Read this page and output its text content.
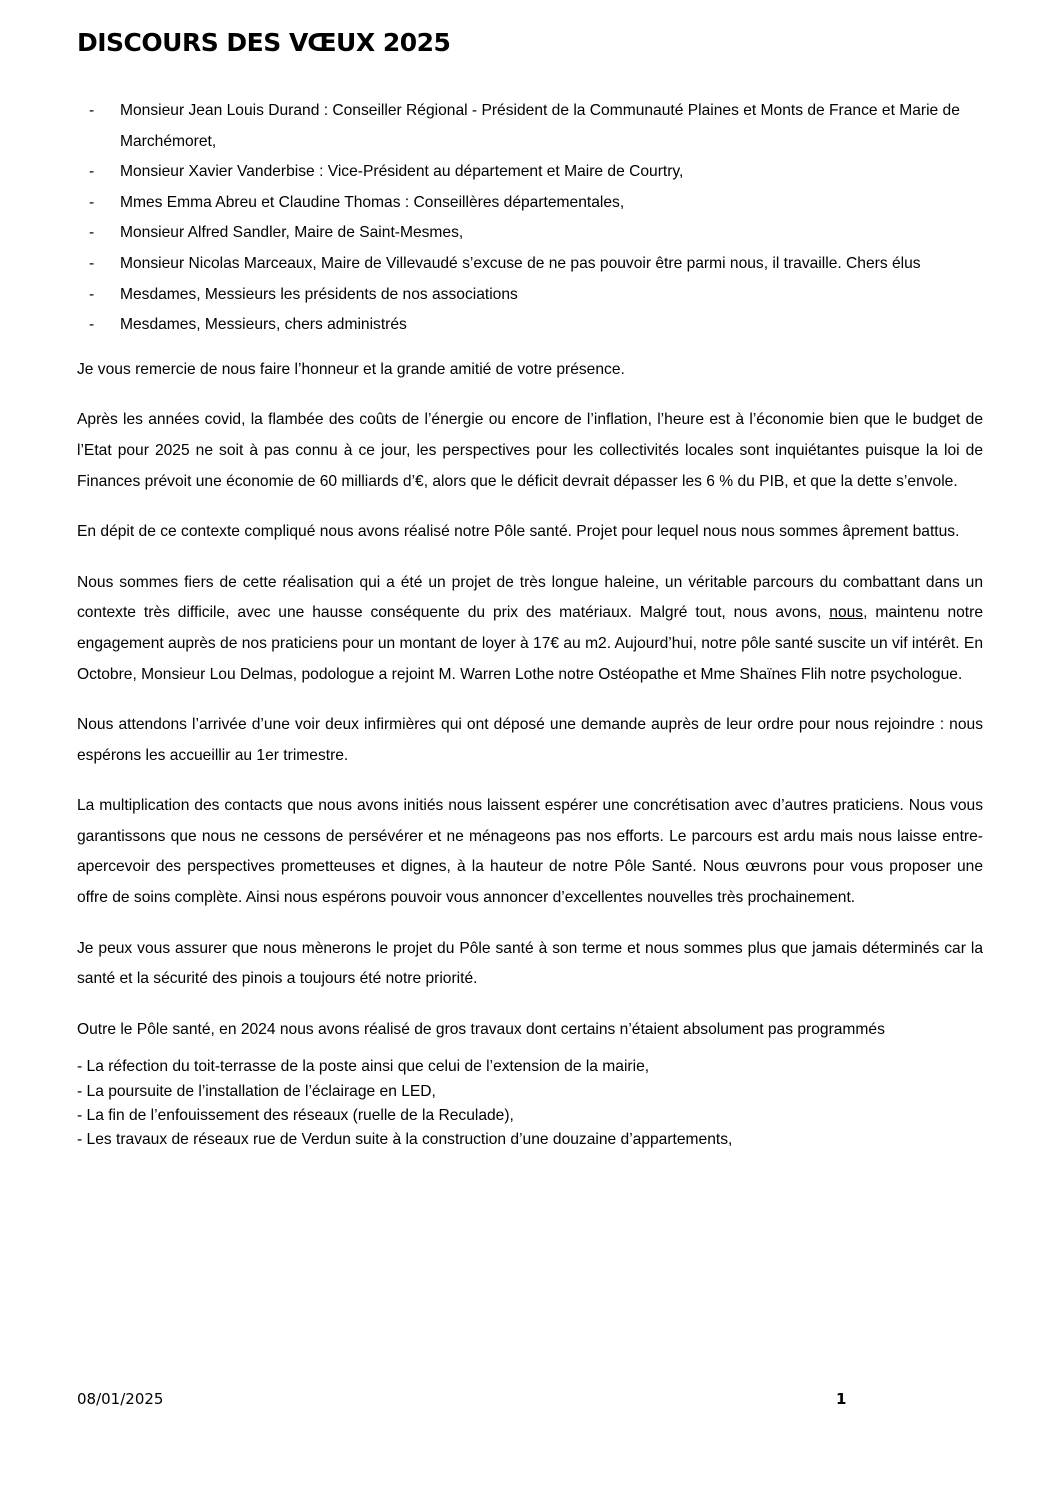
DISCOURS DES VŒUX 2025
- Monsieur Jean Louis Durand : Conseiller Régional - Président de la Communauté Plaines et Monts de France et Marie de Marchémoret,
- Monsieur Xavier Vanderbise : Vice-Président au département et Maire de Courtry,
- Mmes Emma Abreu et Claudine Thomas : Conseillères départementales,
- Monsieur Alfred Sandler, Maire de Saint-Mesmes,
- Monsieur Nicolas Marceaux, Maire de Villevaudé s’excuse de ne pas pouvoir être parmi nous, il travaille. Chers élus
- Mesdames, Messieurs les présidents de nos associations
- Mesdames, Messieurs, chers administrés

Je vous remercie de nous faire l’honneur et la grande amitié de votre présence.

Après les années covid, la flambée des coûts de l’énergie ou encore de l’inflation, l’heure est à l’économie bien que le budget de l’Etat pour 2025 ne soit à pas connu à ce jour, les perspectives pour les collectivités locales sont inquiétantes puisque la loi de Finances prévoit une économie de 60 milliards d’€, alors que le déficit devrait dépasser les 6 % du PIB, et que la dette s’envole.

En dépit de ce contexte compliqué nous avons réalisé notre Pôle santé. Projet pour lequel nous nous sommes âprement battus.

Nous sommes fiers de cette réalisation qui a été un projet de très longue haleine, un véritable parcours du combattant dans un contexte très difficile, avec une hausse conséquente du prix des matériaux. Malgré tout, nous avons, nous, maintenu notre engagement auprès de nos praticiens pour un montant de loyer à 17€ au m2. Aujourd’hui, notre pôle santé suscite un vif intérêt. En Octobre, Monsieur Lou Delmas, podologue a rejoint M. Warren Lothe notre Ostéopathe et Mme Shaïnes Flih notre psychologue.

Nous attendons l’arrivée d’une voir deux infirmières qui ont déposé une demande auprès de leur ordre pour nous rejoindre : nous espérons les accueillir au 1er trimestre.

La multiplication des contacts que nous avons initiés nous laissent espérer une concrétisation avec d’autres praticiens. Nous vous garantissons que nous ne cessons de persévérer et ne ménageons pas nos efforts. Le parcours est ardu mais nous laisse entre-apercevoir des perspectives prometteuses et dignes, à la hauteur de notre Pôle Santé. Nous œuvrons pour vous proposer une offre de soins complète. Ainsi nous espérons pouvoir vous annoncer d’excellentes nouvelles très prochainement.

Je peux vous assurer que nous mènerons le projet du Pôle santé à son terme et nous sommes plus que jamais déterminés car la santé et la sécurité des pinois a toujours été notre priorité.

Outre le Pôle santé, en 2024 nous avons réalisé de gros travaux dont certains n’étaient absolument pas programmés

- La réfection du toit-terrasse de la poste ainsi que celui de l’extension de la mairie,
- La poursuite de l’installation de l’éclairage en LED,
- La fin de l’enfouissement des réseaux (ruelle de la Reculade),
- Les travaux de réseaux rue de Verdun suite à la construction d’une douzaine d’appartements,
08/01/2025	1
